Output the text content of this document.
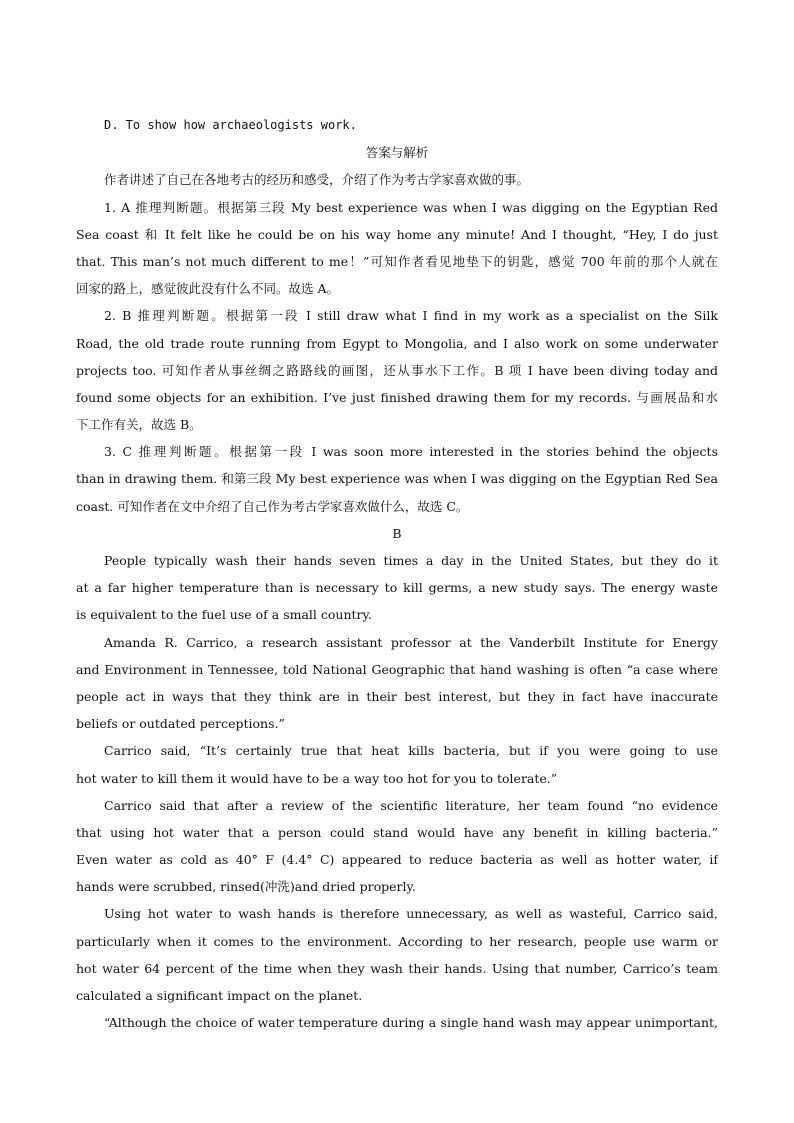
D. To show how archaeologists work.
答案与解析
作者讲述了自己在各地考古的经历和感受，介绍了作为考古学家喜欢做的事。
1. A 推理判断题。根据第三段 My best experience was when I was digging on the Egyptian Red
Sea coast 和 It felt like he could be on his way home any minute! And I thought, “Hey, I do just
that. This man’s not much different to me！”可知作者看见地垫下的钥匙，感觉 700 年前的那个人就在
回家的路上，感觉彼此没有什么不同。故选 A。
2. B 推理判断题。根据第一段 I still draw what I find in my work as a specialist on the Silk
Road, the old trade route running from Egypt to Mongolia, and I also work on some underwater
projects too. 可知作者从事丝绸之路路线的画图，还从事水下工作。B 项 I have been diving today and
found some objects for an exhibition. I’ve just finished drawing them for my records. 与画展品和水
下工作有关，故选 B。
3. C 推理判断题。根据第一段 I was soon more interested in the stories behind the objects
than in drawing them. 和第三段 My best experience was when I was digging on the Egyptian Red Sea
coast. 可知作者在文中介绍了自己作为考古学家喜欢做什么，故选 C。
B
People typically wash their hands seven times a day in the United States, but they do it
at a far higher temperature than is necessary to kill germs, a new study says. The energy waste
is equivalent to the fuel use of a small country.
Amanda R. Carrico, a research assistant professor at the Vanderbilt Institute for Energy
and Environment in Tennessee, told National Geographic that hand washing is often “a case where
people act in ways that they think are in their best interest, but they in fact have inaccurate
beliefs or outdated perceptions.”
Carrico said, “It’s certainly true that heat kills bacteria, but if you were going to use
hot water to kill them it would have to be a way too hot for you to tolerate.”
Carrico said that after a review of the scientific literature, her team found “no evidence
that using hot water that a person could stand would have any benefit in killing bacteria.”
Even water as cold as 40° F (4.4° C) appeared to reduce bacteria as well as hotter water, if
hands were scrubbed, rinsed(冲洗)and dried properly.
Using hot water to wash hands is therefore unnecessary, as well as wasteful, Carrico said,
particularly when it comes to the environment. According to her research, people use warm or
hot water 64 percent of the time when they wash their hands. Using that number, Carrico’s team
calculated a significant impact on the planet.
“Although the choice of water temperature during a single hand wash may appear unimportant,
